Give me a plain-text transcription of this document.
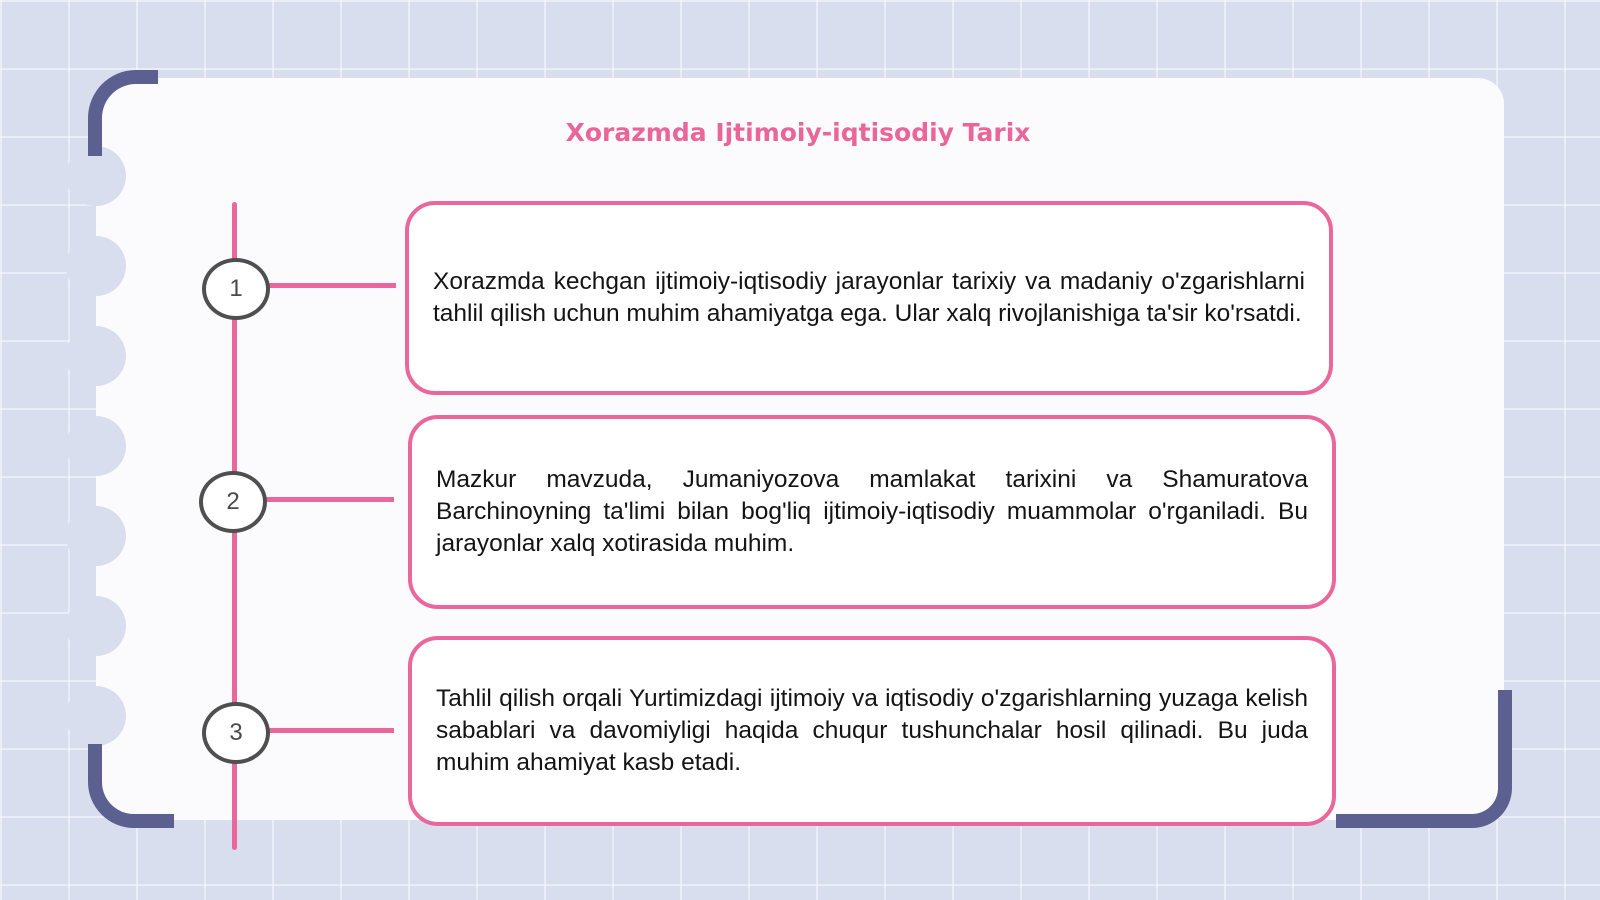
Xorazmda Ijtimoiy-iqtisodiy Tarix
1
2
3

Xorazmda kechgan ijtimoiy-iqtisodiy jarayonlar tarixiy va madaniy o'zgarishlarni tahlil qilish uchun muhim ahamiyatga ega. Ular xalq rivojlanishiga ta'sir ko'rsatdi.

Mazkur mavzuda, Jumaniyozova mamlakat tarixini va Shamuratova Barchinoyning ta'limi bilan bog'liq ijtimoiy-iqtisodiy muammolar o'rganiladi. Bu jarayonlar xalq xotirasida muhim.

Tahlil qilish orqali Yurtimizdagi ijtimoiy va iqtisodiy o'zgarishlarning yuzaga kelish sabablari va davomiyligi haqida chuqur tushunchalar hosil qilinadi. Bu juda muhim ahamiyat kasb etadi.
